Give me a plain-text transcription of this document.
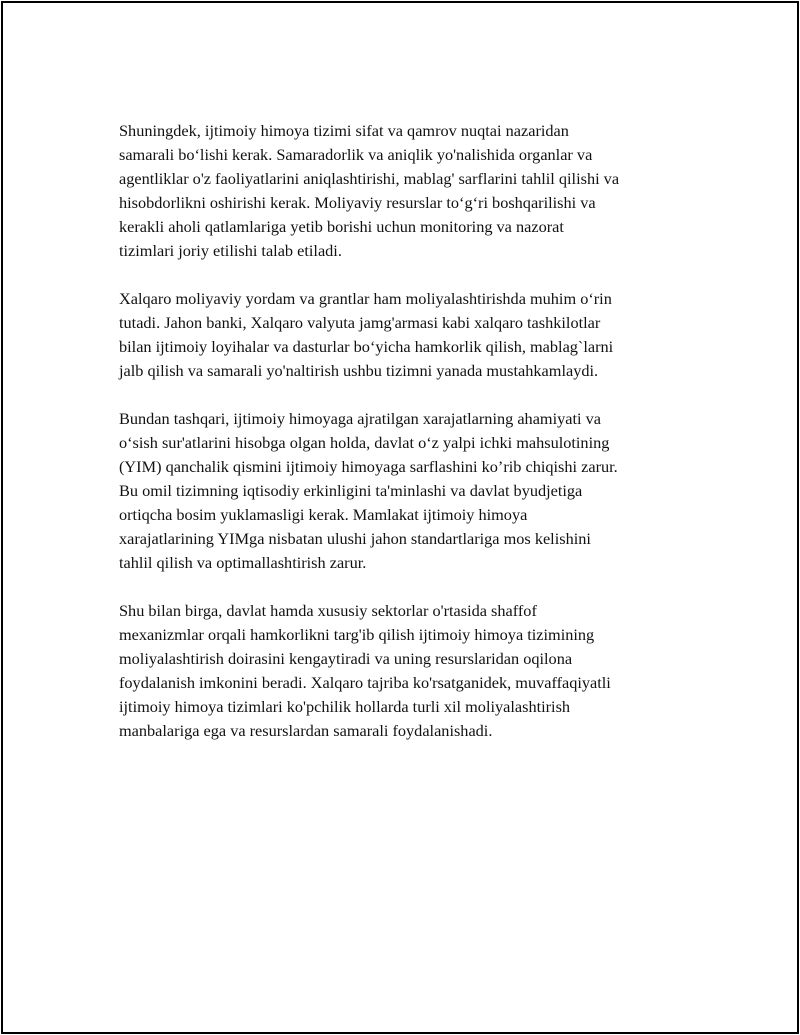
Shuningdek, ijtimoiy himoya tizimi sifat va qamrov nuqtai nazaridan
samarali bo‘lishi kerak. Samaradorlik va aniqlik yo'nalishida organlar va
agentliklar o'z faoliyatlarini aniqlashtirishi, mablag' sarflarini tahlil qilishi va
hisobdorlikni oshirishi kerak. Moliyaviy resurslar to‘g‘ri boshqarilishi va
kerakli aholi qatlamlariga yetib borishi uchun monitoring va nazorat
tizimlari joriy etilishi talab etiladi.

Xalqaro moliyaviy yordam va grantlar ham moliyalashtirishda muhim o‘rin
tutadi. Jahon banki, Xalqaro valyuta jamg'armasi kabi xalqaro tashkilotlar
bilan ijtimoiy loyihalar va dasturlar bo‘yicha hamkorlik qilish, mablag`larni
jalb qilish va samarali yo'naltirish ushbu tizimni yanada mustahkamlaydi.

Bundan tashqari, ijtimoiy himoyaga ajratilgan xarajatlarning ahamiyati va
o‘sish sur'atlarini hisobga olgan holda, davlat o‘z yalpi ichki mahsulotining
(YIM) qanchalik qismini ijtimoiy himoyaga sarflashini ko’rib chiqishi zarur.
Bu omil tizimning iqtisodiy erkinligini ta'minlashi va davlat byudjetiga
ortiqcha bosim yuklamasligi kerak. Mamlakat ijtimoiy himoya
xarajatlarining YIMga nisbatan ulushi jahon standartlariga mos kelishini
tahlil qilish va optimallashtirish zarur.

Shu bilan birga, davlat hamda xususiy sektorlar o'rtasida shaffof
mexanizmlar orqali hamkorlikni targ'ib qilish ijtimoiy himoya tizimining
moliyalashtirish doirasini kengaytiradi va uning resurslaridan oqilona
foydalanish imkonini beradi. Xalqaro tajriba ko'rsatganidek, muvaffaqiyatli
ijtimoiy himoya tizimlari ko'pchilik hollarda turli xil moliyalashtirish
manbalariga ega va resurslardan samarali foydalanishadi.
